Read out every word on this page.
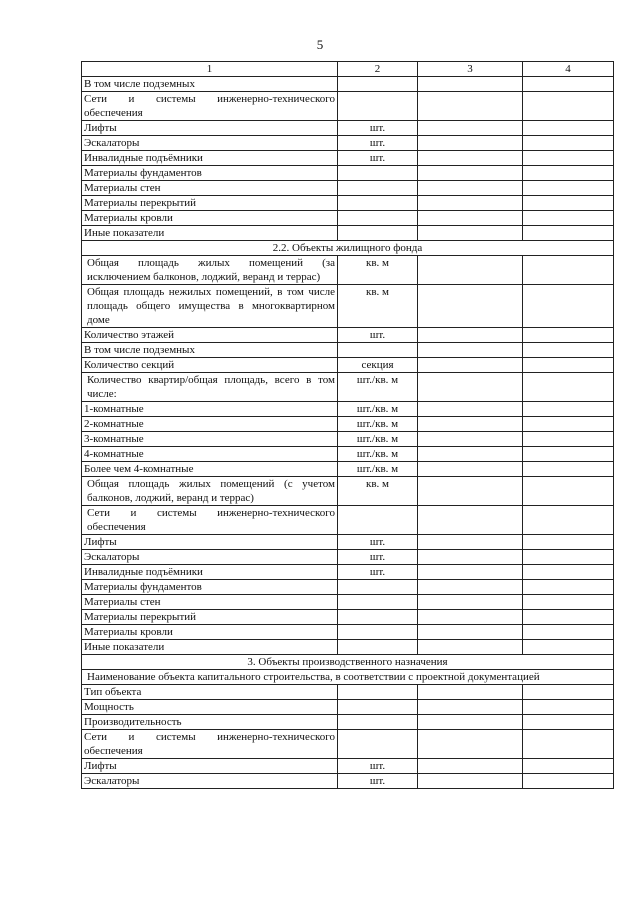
5
1	2	3	4
В том числе подземных			
Сети и системы инженерно-технического обеспечения			
Лифты	шт.		
Эскалаторы	шт.		
Инвалидные подъёмники	шт.		
Материалы фундаментов			
Материалы стен			
Материалы перекрытий			
Материалы кровли			
Иные показатели			
2.2. Объекты жилищного фонда			
Общая площадь жилых помещений (за исключением балконов, лоджий, веранд и террас)	кв. м		
Общая площадь нежилых помещений, в том числе площадь общего имущества в многоквартирном доме	кв. м		
Количество этажей	шт.		
В том числе подземных			
Количество секций	секция		
Количество квартир/общая площадь, всего в том числе:	шт./кв. м		
1-комнатные	шт./кв. м		
2-комнатные	шт./кв. м		
3-комнатные	шт./кв. м		
4-комнатные	шт./кв. м		
Более чем 4-комнатные	шт./кв. м		
Общая площадь жилых помещений (с учетом балконов, лоджий, веранд и террас)	кв. м		
Сети и системы инженерно-технического обеспечения			
Лифты	шт.		
Эскалаторы	шт.		
Инвалидные подъёмники	шт.		
Материалы фундаментов			
Материалы стен			
Материалы перекрытий			
Материалы кровли			
Иные показатели			
3. Объекты производственного назначения			
Наименование объекта капитального строительства, в соответствии с проектной документацией			
Тип объекта			
Мощность			
Производительность			
Сети и системы инженерно-технического обеспечения			
Лифты	шт.		
Эскалаторы	шт.		
